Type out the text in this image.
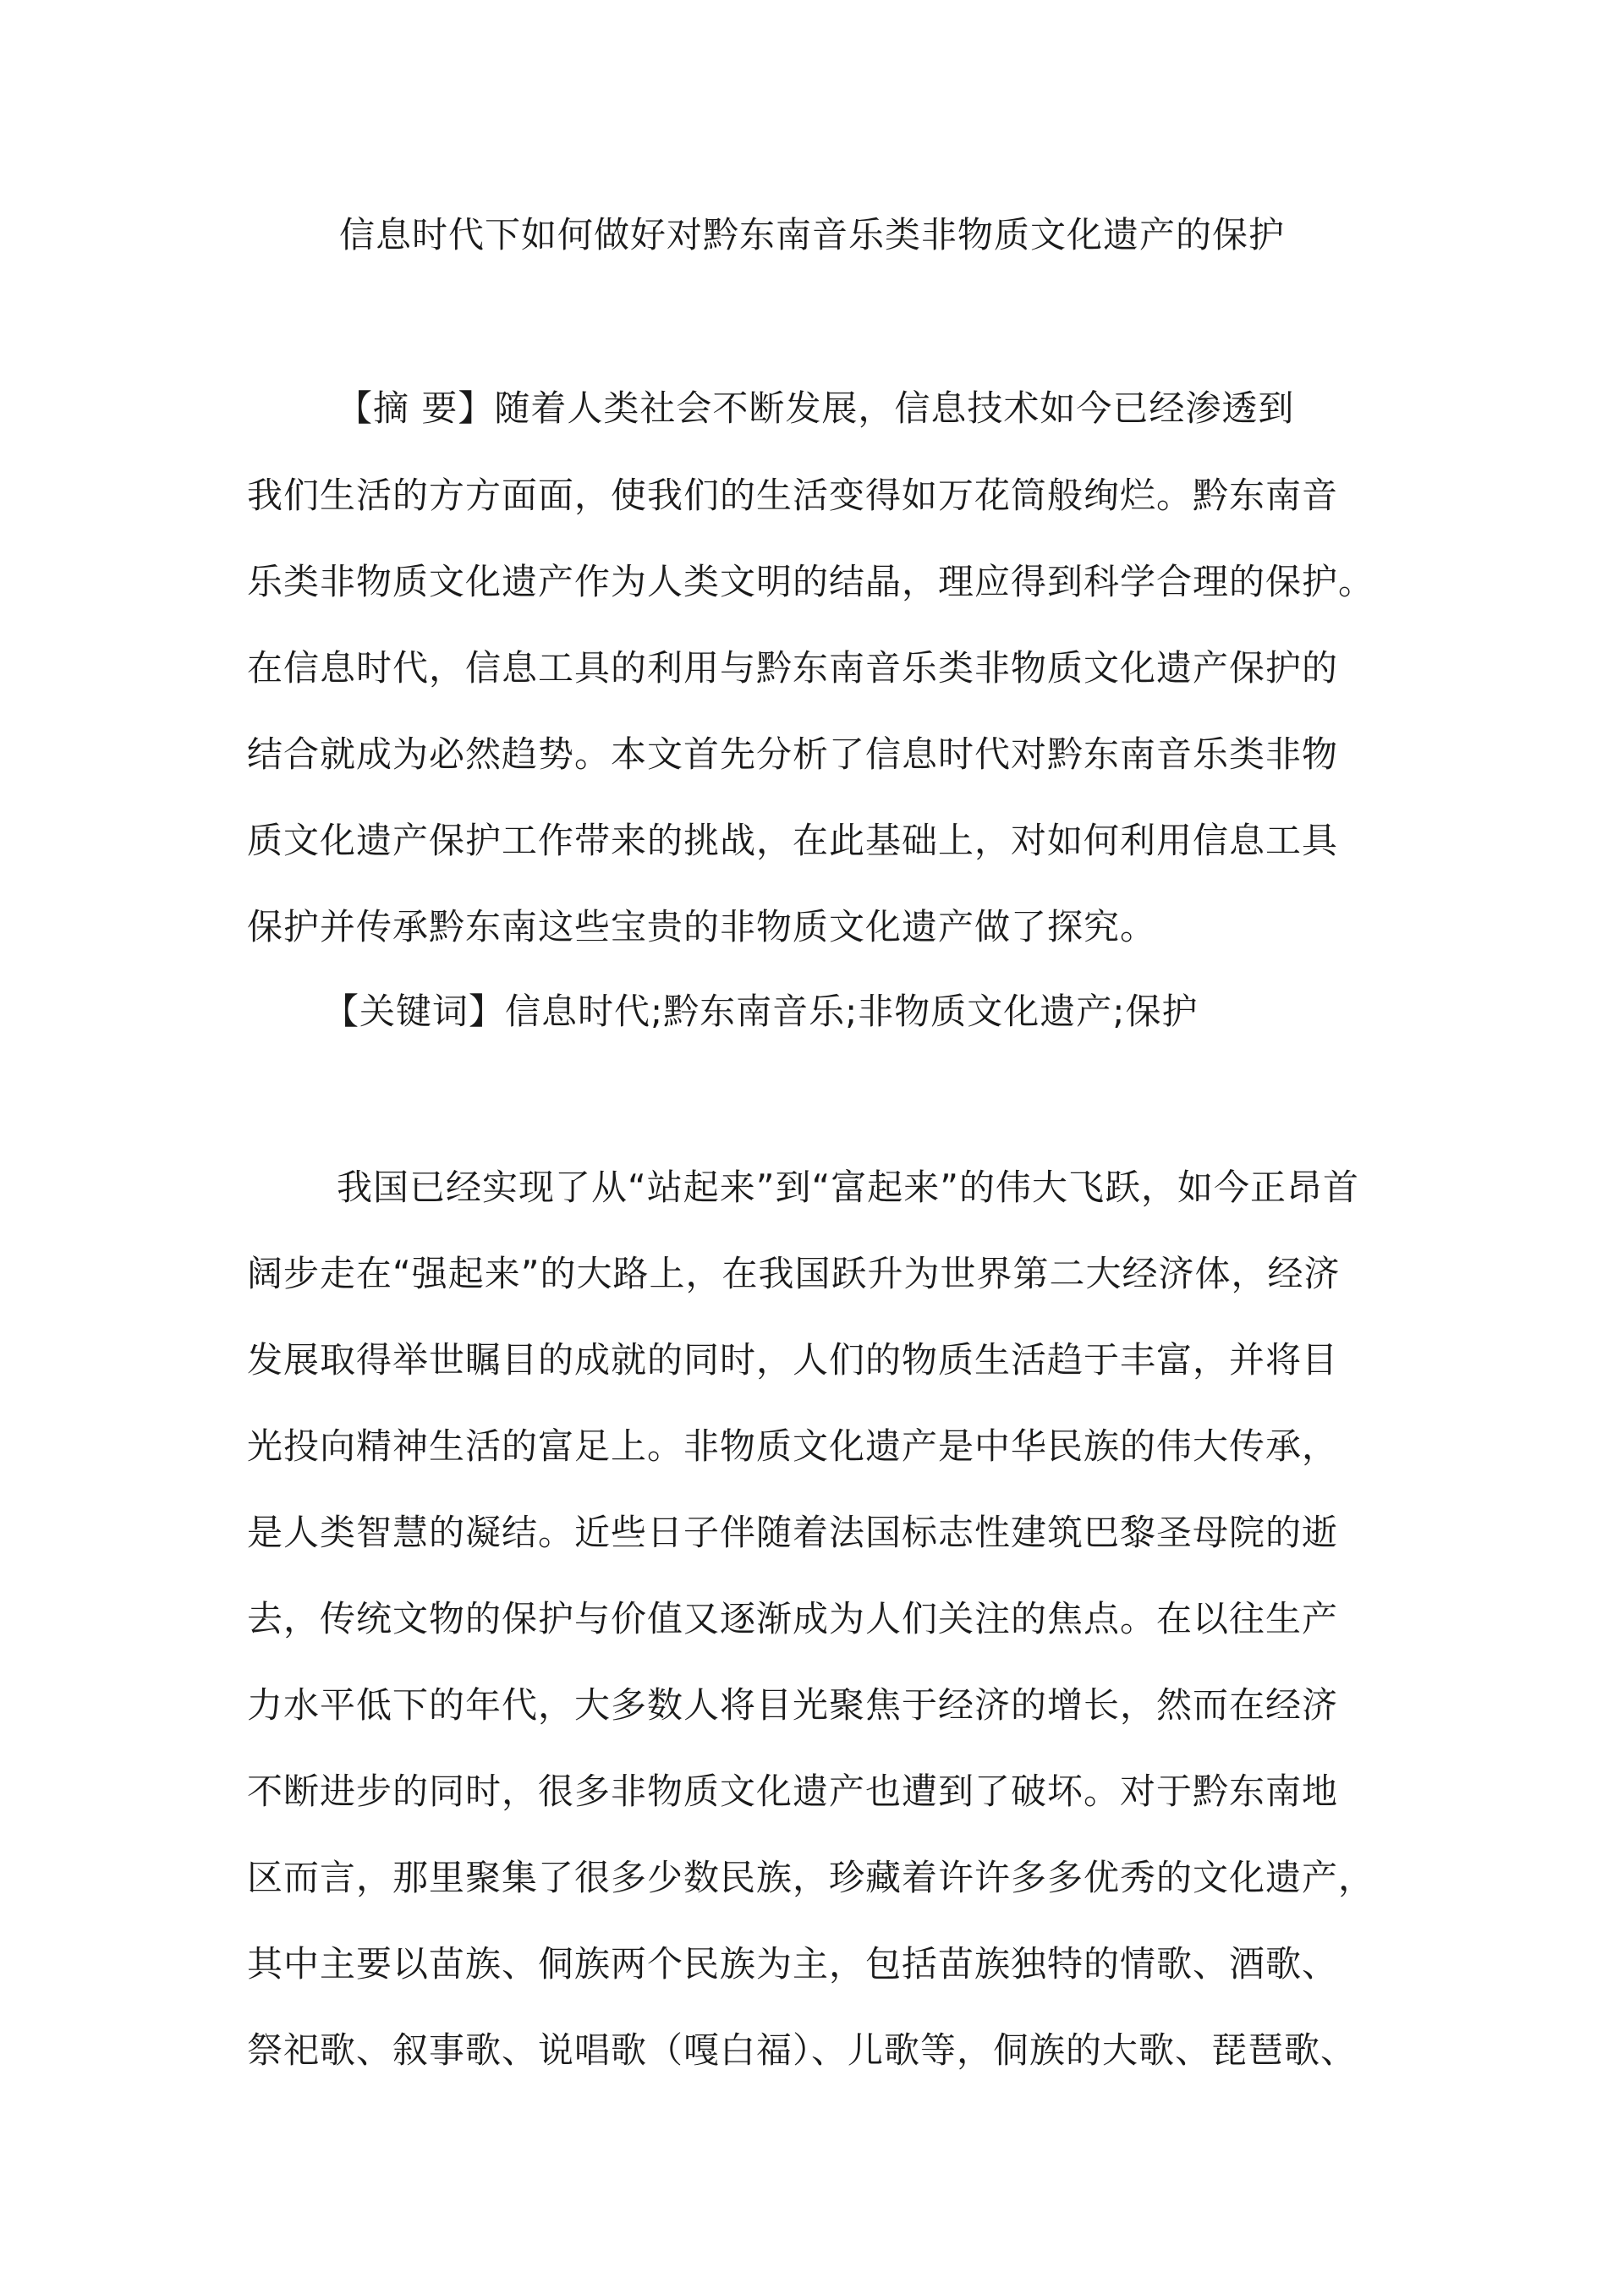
信息时代下如何做好对黔东南音乐类非物质文化遗产的保护
【摘 要】随着人类社会不断发展，信息技术如今已经渗透到
我们生活的方方面面，使我们的生活变得如万花筒般绚烂。黔东南音
乐类非物质文化遗产作为人类文明的结晶，理应得到科学合理的保护。
在信息时代，信息工具的利用与黔东南音乐类非物质文化遗产保护的
结合就成为必然趋势。本文首先分析了信息时代对黔东南音乐类非物
质文化遗产保护工作带来的挑战，在此基础上，对如何利用信息工具
保护并传承黔东南这些宝贵的非物质文化遗产做了探究。
【关键词】信息时代;黔东南音乐;非物质文化遗产;保护
我国已经实现了从“站起来”到“富起来”的伟大飞跃，如今正昂首
阔步走在“强起来”的大路上，在我国跃升为世界第二大经济体，经济
发展取得举世瞩目的成就的同时，人们的物质生活趋于丰富，并将目
光投向精神生活的富足上。非物质文化遗产是中华民族的伟大传承，
是人类智慧的凝结。近些日子伴随着法国标志性建筑巴黎圣母院的逝
去，传统文物的保护与价值又逐渐成为人们关注的焦点。在以往生产
力水平低下的年代，大多数人将目光聚焦于经济的增长，然而在经济
不断进步的同时，很多非物质文化遗产也遭到了破坏。对于黔东南地
区而言，那里聚集了很多少数民族，珍藏着许许多多优秀的文化遗产，
其中主要以苗族、侗族两个民族为主，包括苗族独特的情歌、酒歌、
祭祀歌、叙事歌、说唱歌（嘎白福）、儿歌等，侗族的大歌、琵琶歌、
